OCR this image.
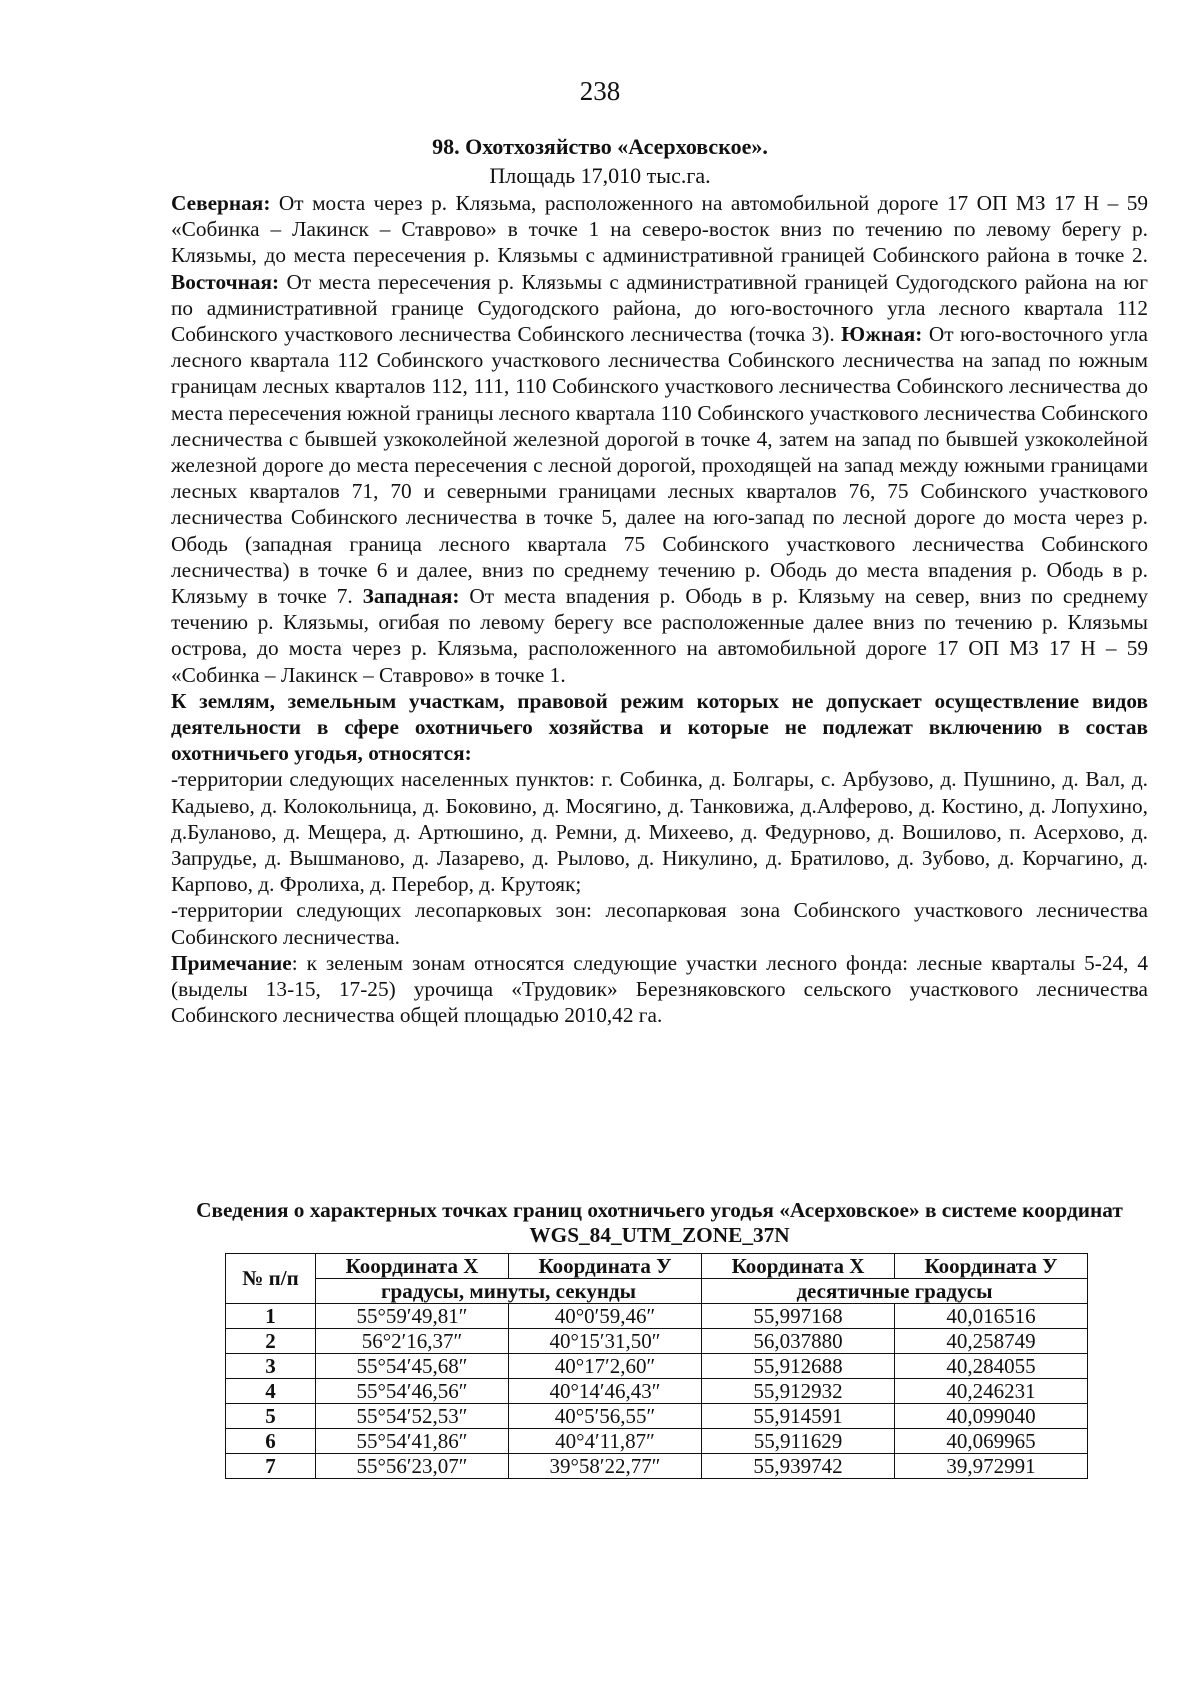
238
98. Охотхозяйство «Асерховское».
Площадь 17,010 тыс.га.

Северная: От моста через р. Клязьма, расположенного на автомобильной дороге 17 ОП МЗ 17 Н – 59 «Собинка – Лакинск – Ставрово» в точке 1 на северо-восток вниз по течению по левому берегу р. Клязьмы, до места пересечения р. Клязьмы с административной границей Собинского района в точке 2. Восточная: От места пересечения р. Клязьмы с административной границей Судогодского района на юг по административной границе Судогодского района, до юго-восточного угла лесного квартала 112 Собинского участкового лесничества Собинского лесничества (точка 3). Южная: От юго-восточного угла лесного квартала 112 Собинского участкового лесничества Собинского лесничества на запад по южным границам лесных кварталов 112, 111, 110 Собинского участкового лесничества Собинского лесничества до места пересечения южной границы лесного квартала 110 Собинского участкового лесничества Собинского лесничества с бывшей узкоколейной железной дорогой в точке 4, затем на запад по бывшей узкоколейной железной дороге до места пересечения с лесной дорогой, проходящей на запад между южными границами лесных кварталов 71, 70 и северными границами лесных кварталов 76, 75 Собинского участкового лесничества Собинского лесничества в точке 5, далее на юго-запад по лесной дороге до моста через р. Ободь (западная граница лесного квартала 75 Собинского участкового лесничества Собинского лесничества) в точке 6 и далее, вниз по среднему течению р. Ободь до места впадения р. Ободь в р. Клязьму в точке 7. Западная: От места впадения р. Ободь в р. Клязьму на север, вниз по среднему течению р. Клязьмы, огибая по левому берегу все расположенные далее вниз по течению р. Клязьмы острова, до моста через р. Клязьма, расположенного на автомобильной дороге 17 ОП МЗ 17 Н – 59 «Собинка – Лакинск – Ставрово» в точке 1.

К землям, земельным участкам, правовой режим которых не допускает осуществление видов деятельности в сфере охотничьего хозяйства и которые не подлежат включению в состав охотничьего угодья, относятся:

-территории следующих населенных пунктов: г. Собинка, д. Болгары, с. Арбузово, д. Пушнино, д. Вал, д. Кадыево, д. Колокольница, д. Боковино, д. Мосягино, д. Танковижа, д.Алферово, д. Костино, д. Лопухино, д.Буланово, д. Мещера, д. Артюшино, д. Ремни, д. Михеево, д. Федурново, д. Вошилово, п. Асерхово, д. Запрудье, д. Вышманово, д. Лазарево, д. Рылово, д. Никулино, д. Братилово, д. Зубово, д. Корчагино, д. Карпово, д. Фролиха, д. Перебор, д. Крутояк;

-территории следующих лесопарковых зон: лесопарковая зона Собинского участкового лесничества Собинского лесничества.

Примечание: к зеленым зонам относятся следующие участки лесного фонда: лесные кварталы 5-24, 4 (выделы 13-15, 17-25) урочища «Трудовик» Березняковского сельского участкового лесничества Собинского лесничества общей площадью 2010,42 га.

Сведения о характерных точках границ охотничьего угодья «Асерховское» в системе координат WGS_84_UTM_ZONE_37N
№ п/п	Координата Х	Координата У	Координата Х	Координата У
	градусы, минуты, секунды		десятичные градусы	
1	55°59′49,81″	40°0′59,46″	55,997168	40,016516
2	56°2′16,37″	40°15′31,50″	56,037880	40,258749
3	55°54′45,68″	40°17′2,60″	55,912688	40,284055
4	55°54′46,56″	40°14′46,43″	55,912932	40,246231
5	55°54′52,53″	40°5′56,55″	55,914591	40,099040
6	55°54′41,86″	40°4′11,87″	55,911629	40,069965
7	55°56′23,07″	39°58′22,77″	55,939742	39,972991
